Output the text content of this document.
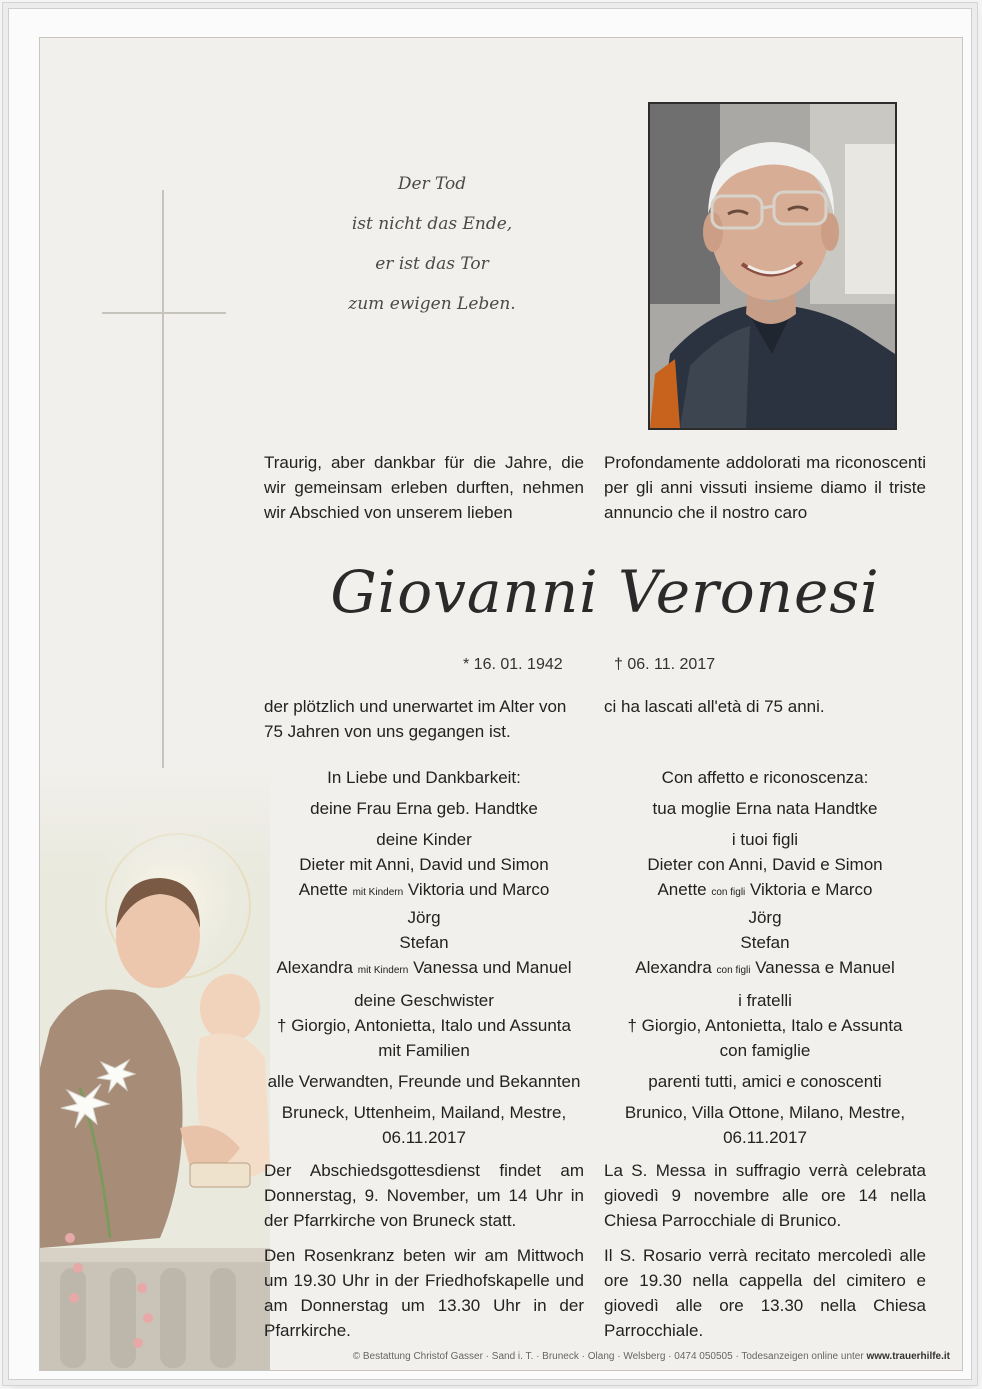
Der Tod
ist nicht das Ende,
er ist das Tor
zum ewigen Leben.
Traurig, aber dankbar für die Jahre, die wir gemeinsam erleben durften, nehmen wir Abschied von unserem lieben
Profondamente addolorati ma riconoscenti per gli anni vissuti insieme diamo il triste annuncio che il nostro caro
Giovanni Veronesi
* 16. 01. 1942	† 06. 11. 2017
der plötzlich und unerwartet im Alter von 75 Jahren von uns gegangen ist.
ci ha lascati all'età di 75 anni.
In Liebe und Dankbarkeit:
deine Frau Erna geb. Handtke
deine Kinder
Dieter mit Anni, David und Simon
Anette mit Kindern Viktoria und Marco
Jörg
Stefan
Alexandra mit Kindern Vanessa und Manuel
deine Geschwister
† Giorgio, Antonietta, Italo und Assunta
mit Familien
alle Verwandten, Freunde und Bekannten
Bruneck, Uttenheim, Mailand, Mestre,
06.11.2017
Con affetto e riconoscenza:
tua moglie Erna nata Handtke
i tuoi figli
Dieter con Anni, David e Simon
Anette con figli Viktoria e Marco
Jörg
Stefan
Alexandra con figli Vanessa e Manuel
i fratelli
† Giorgio, Antonietta, Italo e Assunta
con famiglie
parenti tutti, amici e conoscenti
Brunico, Villa Ottone, Milano, Mestre,
06.11.2017
Der Abschiedsgottesdienst findet am Donnerstag, 9. November, um 14 Uhr in der Pfarrkirche von Bruneck statt.
La S. Messa in suffragio verrà celebrata giovedì 9 novembre alle ore 14 nella Chiesa Parrocchiale di Brunico.
Den Rosenkranz beten wir am Mittwoch um 19.30 Uhr in der Friedhofskapelle und am Donnerstag um 13.30 Uhr in der Pfarrkirche.
Il S. Rosario verrà recitato mercoledì alle ore 19.30 nella cappella del cimitero e giovedì alle ore 13.30 nella Chiesa Parrocchiale.
© Bestattung Christof Gasser · Sand i. T. · Bruneck · Olang · Welsberg · 0474 050505 · Todesanzeigen online unter www.trauerhilfe.it
